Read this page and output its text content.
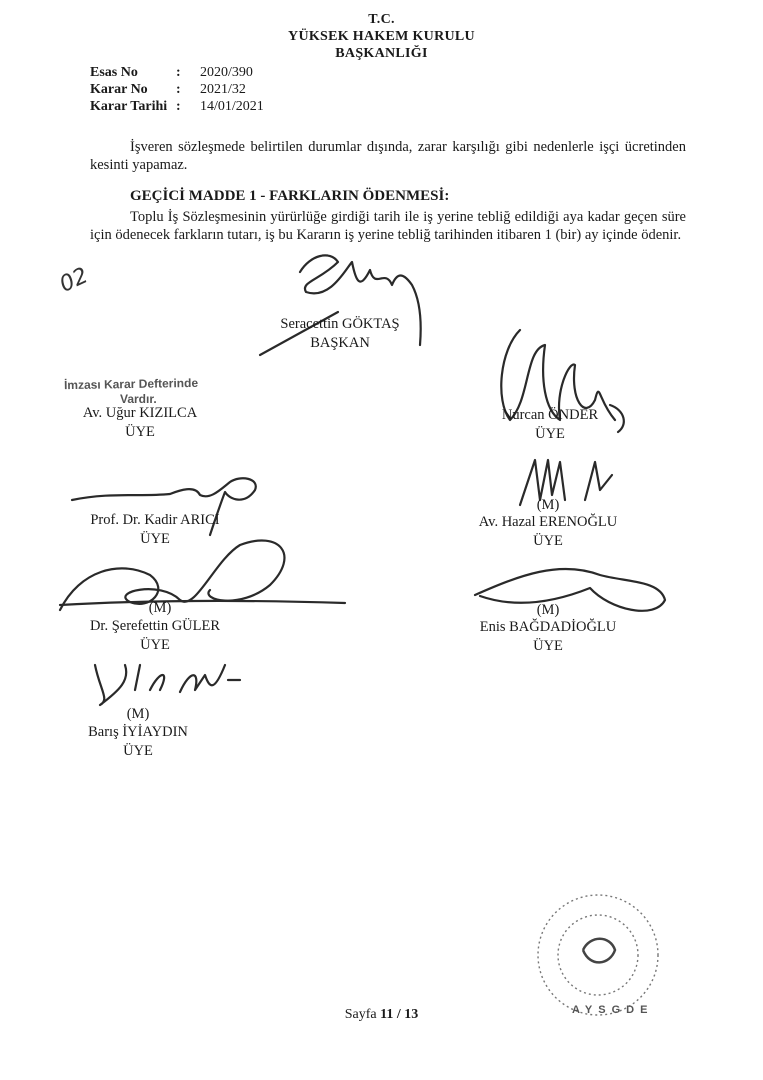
T.C.
YÜKSEK HAKEM KURULU
BAŞKANLIĞI
Esas No	: 2020/390
Karar No : 2021/32
Karar Tarihi : 14/01/2021
İşveren sözleşmede belirtilen durumlar dışında, zarar karşılığı gibi nedenlerle işçi ücretinden kesinti yapamaz.
GEÇİCİ MADDE 1 - FARKLARIN ÖDENMESİ:
Toplu İş Sözleşmesinin yürürlüğe girdiği tarih ile iş yerine tebliğ edildiği aya kadar geçen süre için ödenecek farkların tutarı, iş bu Kararın iş yerine tebliğ tarihinden itibaren 1 (bir) ay içinde ödenir.
02
İmzası Karar Defterinde
Vardır.
AYSGDE
Seracettin GÖKTAŞ
BAŞKAN
Av. Uğur KIZILCA
ÜYE
Nurcan ÖNDER
ÜYE
Prof. Dr. Kadir ARICI
ÜYE
(M)
Av. Hazal ERENOĞLU
ÜYE
(M)
Dr. Şerefettin GÜLER
ÜYE
(M)
Enis BAĞDADİOĞLU
ÜYE
(M)
Barış İYİAYDIN
ÜYE
Sayfa 11 / 13
